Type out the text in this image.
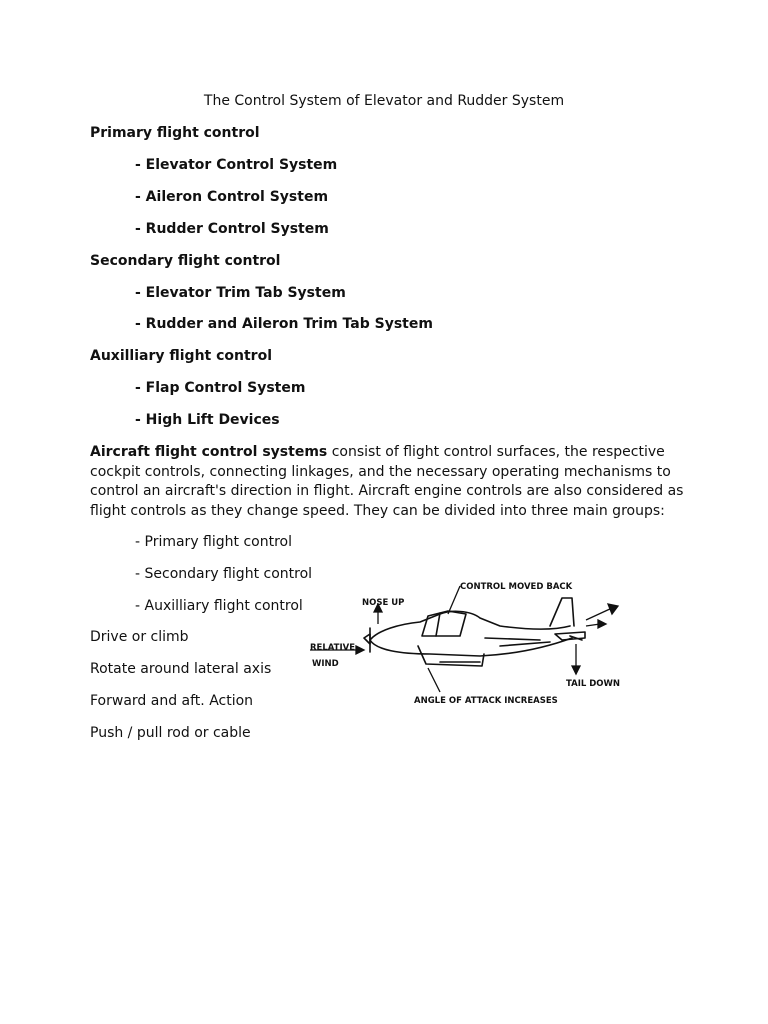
The Control System of Elevator and Rudder System
Primary flight control
- Elevator Control System
- Aileron Control System
- Rudder Control System
Secondary flight control
- Elevator Trim Tab System
- Rudder and Aileron Trim Tab System
Auxilliary flight control
- Flap Control System
- High Lift Devices
Aircraft flight control systems consist of flight control surfaces, the respective cockpit controls, connecting linkages, and the necessary operating mechanisms to control an aircraft's direction in flight. Aircraft engine controls are also considered as flight controls as they change speed. They can be divided into three main groups:
- Primary flight control
- Secondary flight control
- Auxilliary flight control
Drive or climb
Rotate around lateral axis
Forward and aft. Action
Push / pull rod or cable
CONTROL MOVED BACK
NOSE UP
RELATIVE
WIND
TAIL DOWN
ANGLE OF ATTACK INCREASES
